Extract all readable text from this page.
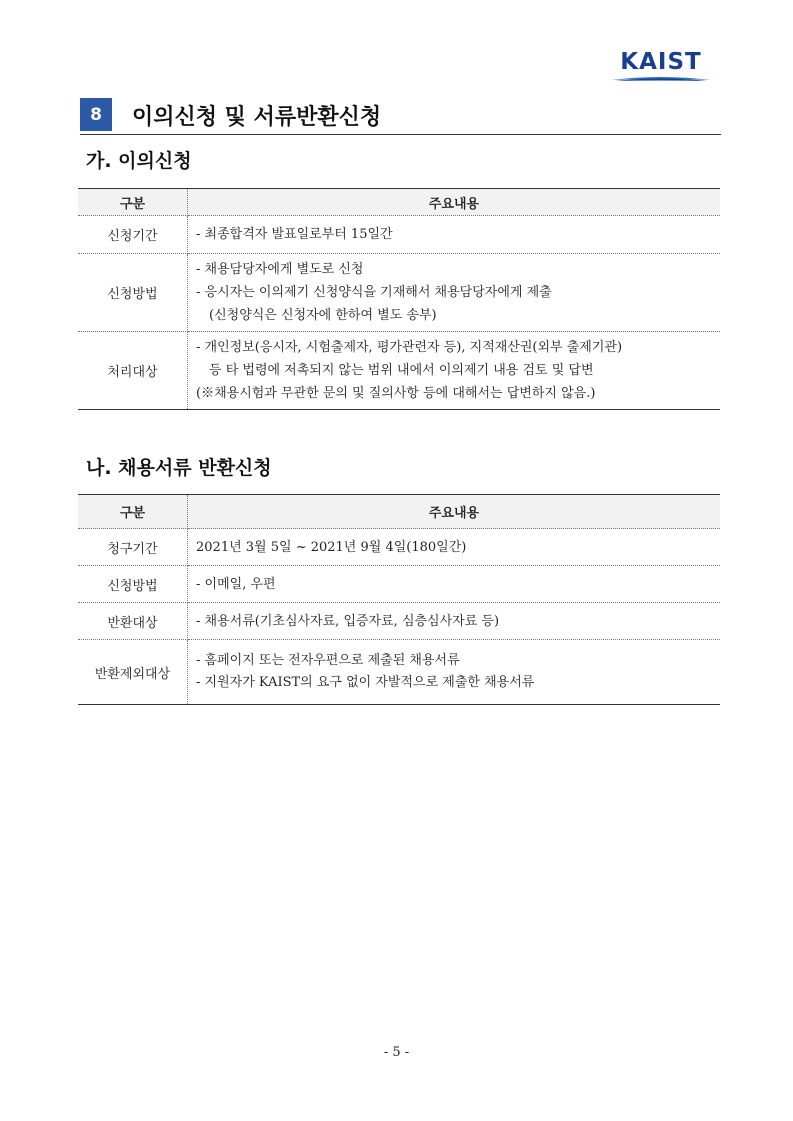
KAIST
8	이의신청 및 서류반환신청
가. 이의신청
구분	주요내용
신청기간	- 최종합격자 발표일로부터 15일간

신청방법	- 채용담당자에게 별도로 신청
- 응시자는 이의제기 신청양식을 기재해서 채용담당자에게 제출
(신청양식은 신청자에 한하여 별도 송부)

처리대상	- 개인정보(응시자, 시험출제자, 평가관련자 등), 지적재산권(외부 출제기관)
등 타 법령에 저촉되지 않는 범위 내에서 이의제기 내용 검토 및 답변
(※채용시험과 무관한 문의 및 질의사항 등에 대해서는 답변하지 않음.)
나. 채용서류 반환신청
구분	주요내용
청구기간	2021년 3월 5일 ~ 2021년 9월 4일(180일간)

신청방법	- 이메일, 우편

반환대상	- 채용서류(기초심사자료, 입증자료, 심층심사자료 등)

반환제외대상	- 홈페이지 또는 전자우편으로 제출된 채용서류
- 지원자가 KAIST의 요구 없이 자발적으로 제출한 채용서류
- 5 -
